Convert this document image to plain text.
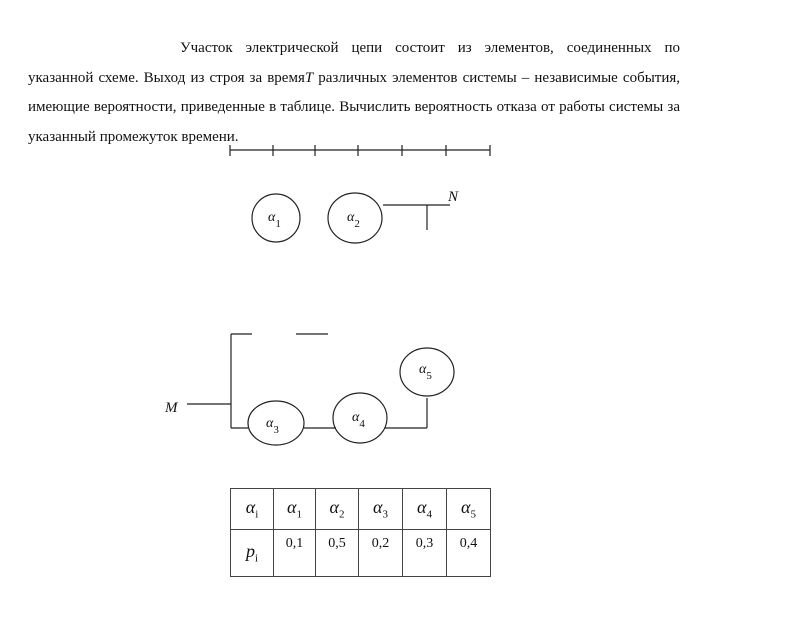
Участок электрической цепи состоит из элементов, соединенных по указанной схеме. Выход из строя за времяT различных элементов системы – независимые события, имеющие вероятности, приведенные в таблице. Вычислить вероятность отказа от работы системы за указанный промежуток времени.

N
M
$\alpha_1$	$\alpha_2$
$\alpha_3$
$\alpha_4$
$\alpha_5$
$\alpha_i$	$\alpha_1$	$\alpha_2$	$\alpha_3$	$\alpha_4$	$\alpha_5$
$p_i$	0,1	0,5	0,2	0,3	0,4
